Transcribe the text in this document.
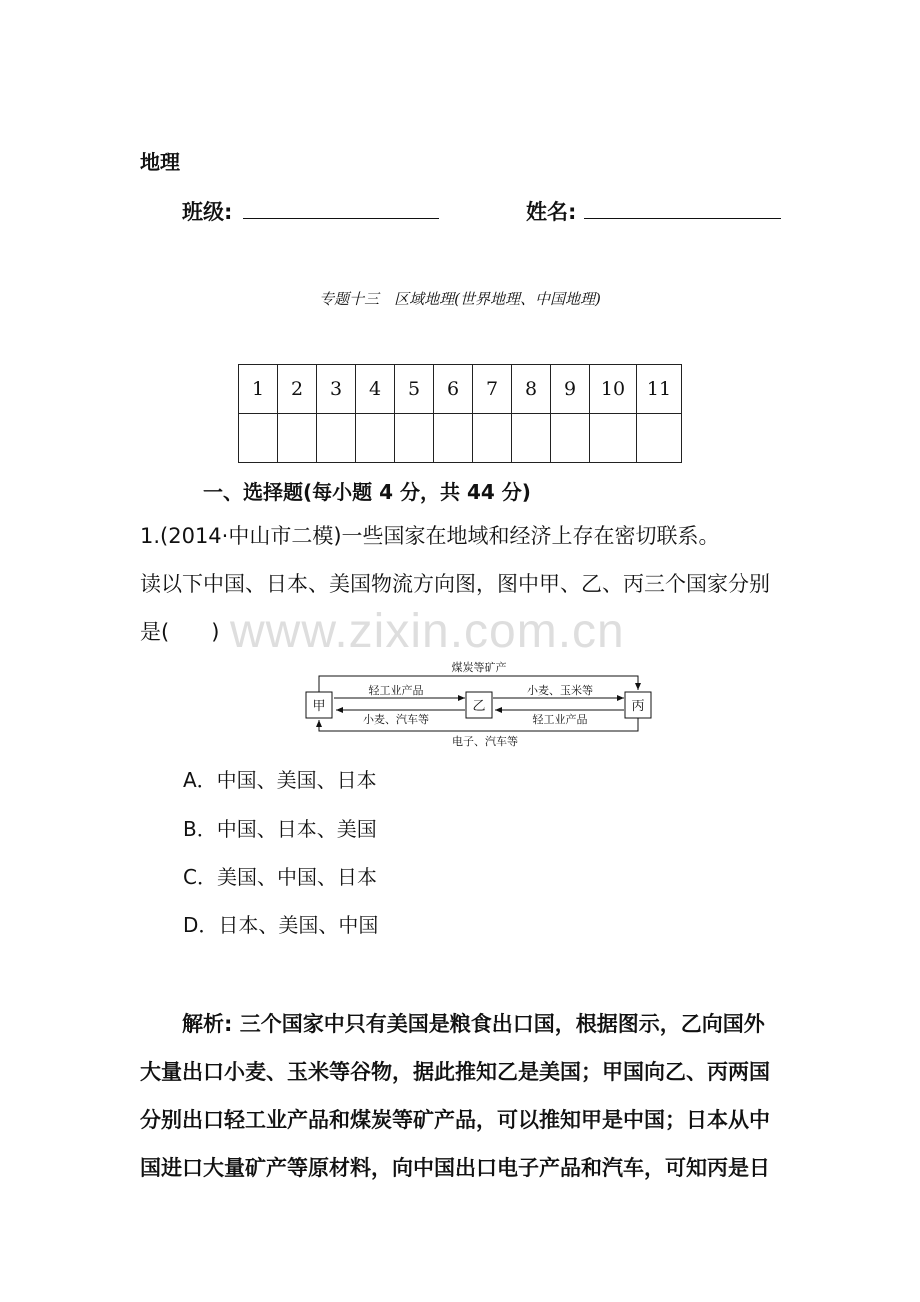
地理
班级:	姓名:
专题十三　区域地理(世界地理、中国地理)
1	2	3	4	5	6	7	8	9	10	11

一、选择题(每小题 4 分，共 44 分)
1.(2014·中山市二模)一些国家在地域和经济上存在密切联系。
读以下中国、日本、美国物流方向图，图中甲、乙、丙三个国家分别
是(　　) www.zixin.com.cn
甲	乙	丙
煤炭等矿产
轻工业产品
小麦、汽车等
小麦、玉米等
轻工业产品
电子、汽车等
A．中国、美国、日本
B．中国、日本、美国
C．美国、中国、日本
D．日本、美国、中国
解析: 三个国家中只有美国是粮食出口国，根据图示，乙向国外大量出口小麦、玉米等谷物，据此推知乙是美国；甲国向乙、丙两国分别出口轻工业产品和煤炭等矿产品，可以推知甲是中国；日本从中国进口大量矿产等原材料，向中国出口电子产品和汽车，可知丙是日
